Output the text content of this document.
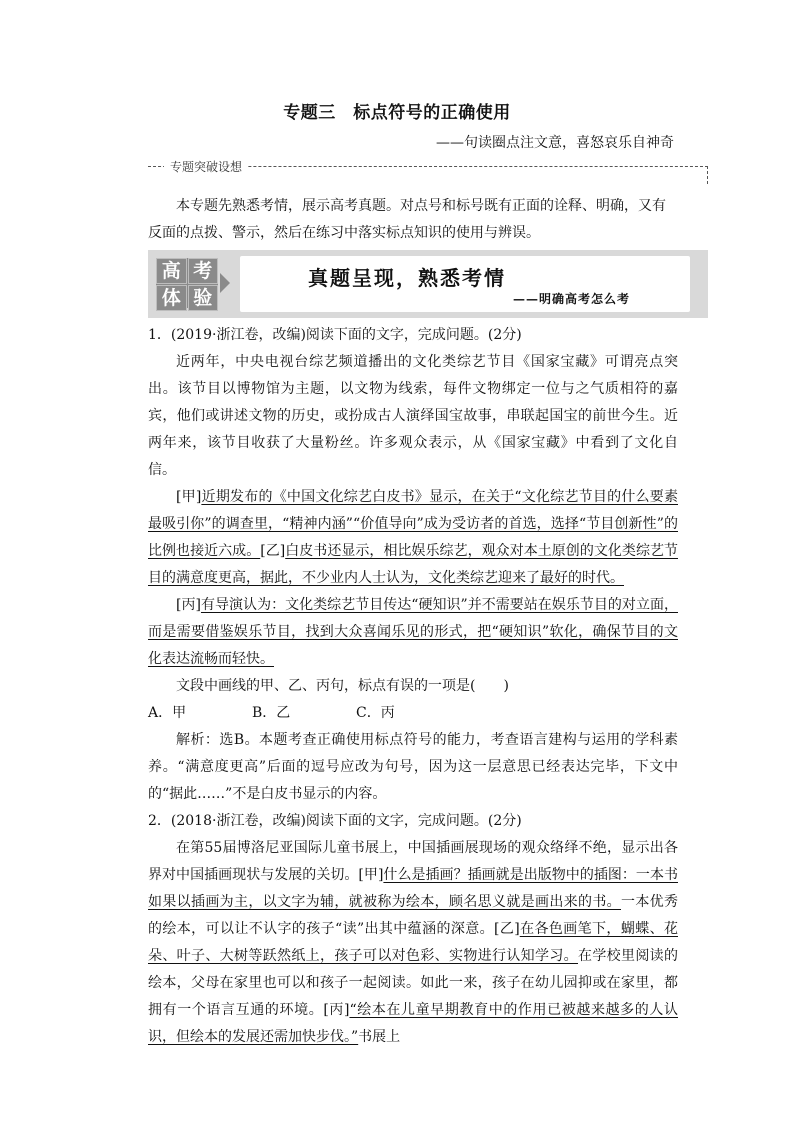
专题三　标点符号的正确使用
——句读圈点注文意，喜怒哀乐自神奇
专题突破设想

本专题先熟悉考情，展示高考真题。对点号和标号既有正面的诠释、明确，又有反面的点拨、警示，然后在练习中落实标点知识的使用与辨误。

高 考
体 验
真题呈现，熟悉考情
——明确高考怎么考

1．(2019·浙江卷，改编)阅读下面的文字，完成问题。(2分)

近两年，中央电视台综艺频道播出的文化类综艺节目《国家宝藏》可谓亮点突出。该节目以博物馆为主题，以文物为线索，每件文物绑定一位与之气质相符的嘉宾，他们或讲述文物的历史，或扮成古人演绎国宝故事，串联起国宝的前世今生。近两年来，该节目收获了大量粉丝。许多观众表示，从《国家宝藏》中看到了文化自信。

[甲]近期发布的《中国文化综艺白皮书》显示，在关于“文化综艺节目的什么要素最吸引你”的调查里，“精神内涵”“价值导向”成为受访者的首选，选择“节目创新性”的比例也接近六成。[乙]白皮书还显示，相比娱乐综艺，观众对本土原创的文化类综艺节目的满意度更高，据此，不少业内人士认为，文化类综艺迎来了最好的时代。

[丙]有导演认为：文化类综艺节目传达“硬知识”并不需要站在娱乐节目的对立面，而是需要借鉴娱乐节目，找到大众喜闻乐见的形式，把“硬知识”软化，确保节目的文化表达流畅而轻快。

文段中画线的甲、乙、丙句，标点有误的一项是(　　)

A．甲	B．乙	C．丙

解析：选B。本题考查正确使用标点符号的能力，考查语言建构与运用的学科素养。“满意度更高”后面的逗号应改为句号，因为这一层意思已经表达完毕，下文中的“据此……”不是白皮书显示的内容。

2．(2018·浙江卷，改编)阅读下面的文字，完成问题。(2分)

在第55届博洛尼亚国际儿童书展上，中国插画展现场的观众络绎不绝，显示出各界对中国插画现状与发展的关切。[甲]什么是插画？插画就是出版物中的插图：一本书如果以插画为主，以文字为辅，就被称为绘本，顾名思义就是画出来的书。一本优秀的绘本，可以让不认字的孩子“读”出其中蕴涵的深意。[乙]在各色画笔下，蝴蝶、花朵、叶子、大树等跃然纸上，孩子可以对色彩、实物进行认知学习。在学校里阅读的绘本，父母在家里也可以和孩子一起阅读。如此一来，孩子在幼儿园抑或在家里，都拥有一个语言互通的环境。[丙]“绘本在儿童早期教育中的作用已被越来越多的人认识，但绘本的发展还需加快步伐。”书展上
